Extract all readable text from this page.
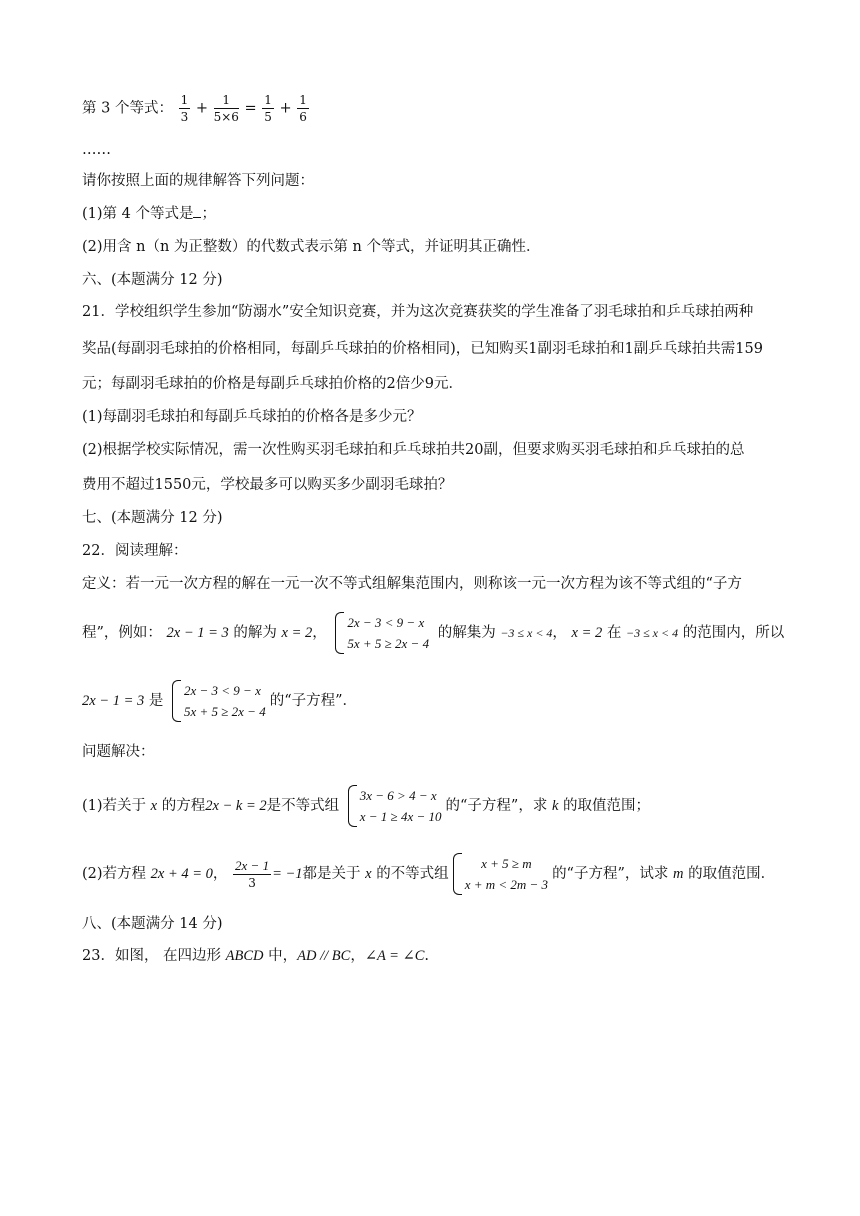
第 3 个等式： $\frac{1}{3} + \frac{1}{5\times 6} = \frac{1}{5} + \frac{1}{6}$
……
请你按照上面的规律解答下列问题：
(1)第 4 个等式是 ；
(2)用含 n（n 为正整数）的代数式表示第 n 个等式，并证明其正确性．
六、(本题满分 12 分)
21．学校组织学生参加“防溺水”安全知识竞赛，并为这次竞赛获奖的学生准备了羽毛球拍和乒乓球拍两种
奖品(每副羽毛球拍的价格相同，每副乒乓球拍的价格相同)，已知购买1副羽毛球拍和1副乒乓球拍共需159
元；每副羽毛球拍的价格是每副乒乓球拍价格的2倍少9元．
(1)每副羽毛球拍和每副乒乓球拍的价格各是多少元？
(2)根据学校实际情况，需一次性购买羽毛球拍和乒乓球拍共20副，但要求购买羽毛球拍和乒乓球拍的总
费用不超过1550元，学校最多可以购买多少副羽毛球拍？
七、(本题满分 12 分)
22．阅读理解：
定义：若一元一次方程的解在一元一次不等式组解集范围内，则称该一元一次方程为该不等式组的“子方
程”，例如： 2x − 1 = 3 的解为 x = 2，
2x − 3 < 9 − x
5x + 5 ≥ 2x − 4
的解集为 −3 ≤ x < 4， x = 2 在 −3 ≤ x < 4 的范围内，所以
2x − 1 = 3 是
2x − 3 < 9 − x
5x + 5 ≥ 2x − 4
的“子方程”．
问题解决：
(1)若关于 x 的方程2x − k = 2是不等式组
3x − 6 > 4 − x
x − 1 ≥ 4x − 10
的“子方程”，求 k 的取值范围；
(2)若方程 2x + 4 = 0， $\frac{2x - 1}{3} = -1$都是关于 x 的不等式组
x + 5 ≥ m
x + m < 2m − 3
的“子方程”，试求 m 的取值范围．
八、(本题满分 14 分)
23．如图， 在四边形 ABCD 中，AD // BC，∠A = ∠C.
